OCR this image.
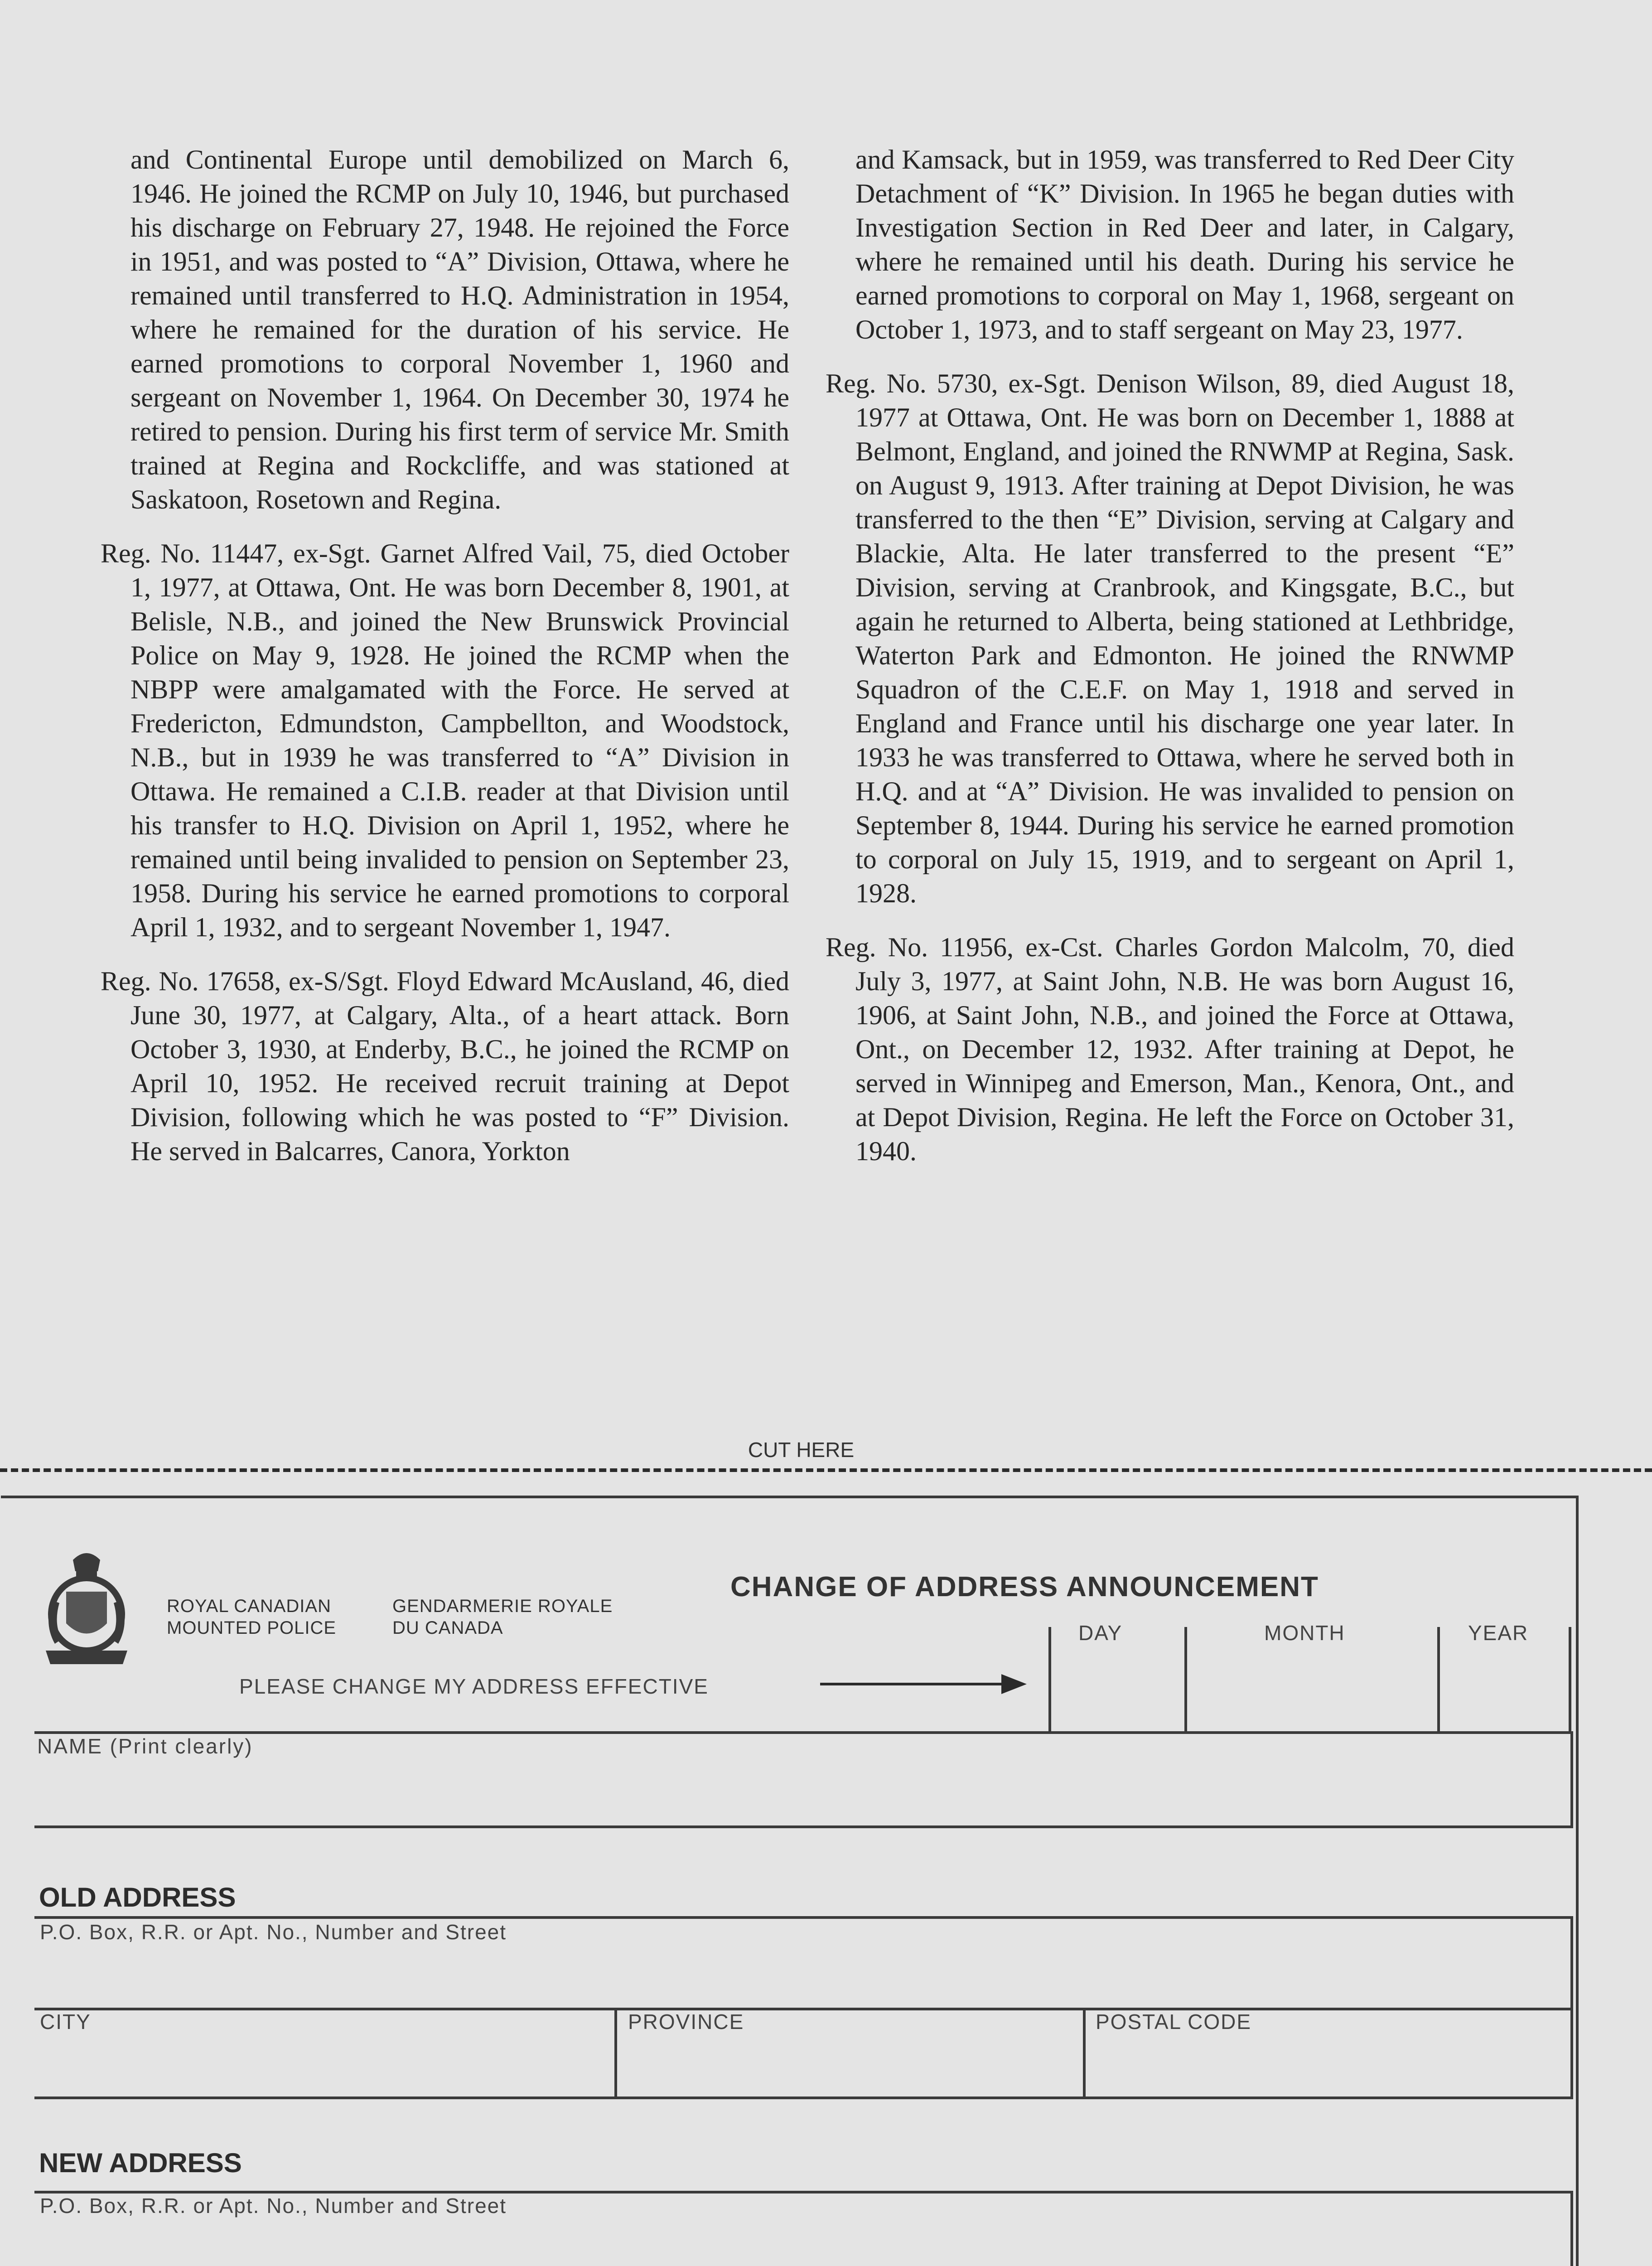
and Continental Europe until demobilized on March 6, 1946. He joined the RCMP on July 10, 1946, but purchased his discharge on February 27, 1948. He rejoined the Force in 1951, and was posted to “A” Division, Ottawa, where he remained until transferred to H.Q. Administration in 1954, where he remained for the duration of his service. He earned promotions to corporal November 1, 1960 and sergeant on November 1, 1964. On December 30, 1974 he retired to pension. During his first term of service Mr. Smith trained at Regina and Rockcliffe, and was stationed at Saskatoon, Rosetown and Regina.

Reg. No. 11447, ex-Sgt. Garnet Alfred Vail, 75, died October 1, 1977, at Ottawa, Ont. He was born December 8, 1901, at Belisle, N.B., and joined the New Brunswick Provincial Police on May 9, 1928. He joined the RCMP when the NBPP were amalgamated with the Force. He served at Fredericton, Edmundston, Campbellton, and Woodstock, N.B., but in 1939 he was transferred to “A” Division in Ottawa. He remained a C.I.B. reader at that Division until his transfer to H.Q. Division on April 1, 1952, where he remained until being invalided to pension on September 23, 1958. During his service he earned promotions to corporal April 1, 1932, and to sergeant November 1, 1947.

Reg. No. 17658, ex-S/Sgt. Floyd Edward McAusland, 46, died June 30, 1977, at Calgary, Alta., of a heart attack. Born October 3, 1930, at Enderby, B.C., he joined the RCMP on April 10, 1952. He received recruit training at Depot Division, following which he was posted to “F” Division. He served in Balcarres, Canora, Yorkton

and Kamsack, but in 1959, was transferred to Red Deer City Detachment of “K” Division. In 1965 he began duties with Investigation Section in Red Deer and later, in Calgary, where he remained until his death. During his service he earned promotions to corporal on May 1, 1968, sergeant on October 1, 1973, and to staff sergeant on May 23, 1977.

Reg. No. 5730, ex-Sgt. Denison Wilson, 89, died August 18, 1977 at Ottawa, Ont. He was born on December 1, 1888 at Belmont, England, and joined the RNWMP at Regina, Sask. on August 9, 1913. After training at Depot Division, he was transferred to the then “E” Division, serving at Calgary and Blackie, Alta. He later transferred to the present “E” Division, serving at Cranbrook, and Kingsgate, B.C., but again he returned to Alberta, being stationed at Lethbridge, Waterton Park and Edmonton. He joined the RNWMP Squadron of the C.E.F. on May 1, 1918 and served in England and France until his discharge one year later. In 1933 he was transferred to Ottawa, where he served both in H.Q. and at “A” Division. He was invalided to pension on September 8, 1944. During his service he earned promotion to corporal on July 15, 1919, and to sergeant on April 1, 1928.

Reg. No. 11956, ex-Cst. Charles Gordon Malcolm, 70, died July 3, 1977, at Saint John, N.B. He was born August 16, 1906, at Saint John, N.B., and joined the Force at Ottawa, Ont., on December 12, 1932. After training at Depot, he served in Winnipeg and Emerson, Man., Kenora, Ont., and at Depot Division, Regina. He left the Force on October 31, 1940.

CUT HERE
ROYAL CANADIAN
MOUNTED POLICE
GENDARMERIE ROYALE
DU CANADA
CHANGE OF ADDRESS ANNOUNCEMENT
PLEASE CHANGE MY ADDRESS EFFECTIVE
DAY	MONTH	YEAR
NAME (Print clearly)
OLD ADDRESS
P.O. Box, R.R. or Apt. No., Number and Street
CITY	PROVINCE	POSTAL CODE
NEW ADDRESS
P.O. Box, R.R. or Apt. No., Number and Street
